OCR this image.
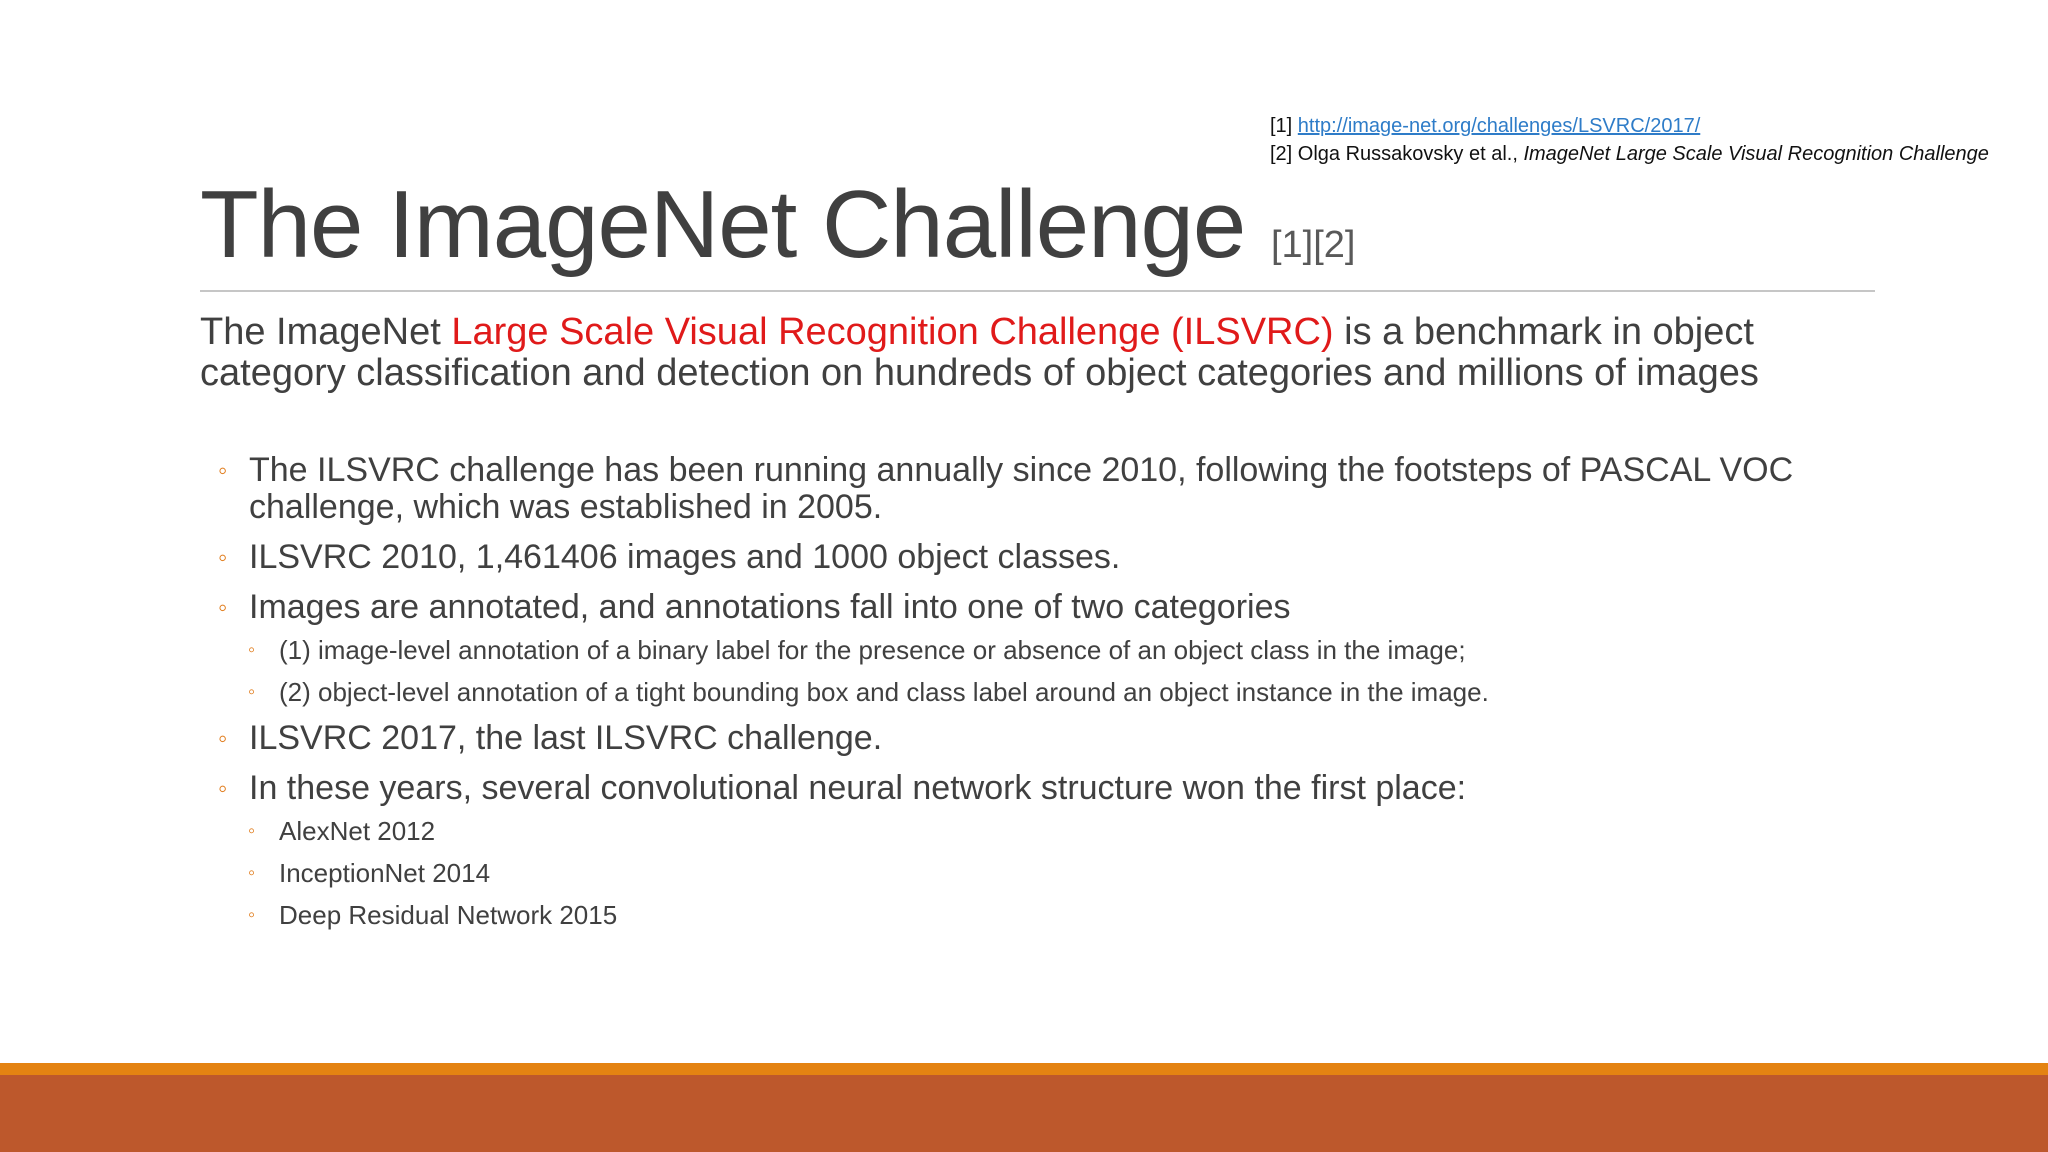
[1] http://image-net.org/challenges/LSVRC/2017/
[2] Olga Russakovsky et al., ImageNet Large Scale Visual Recognition Challenge
The ImageNet Challenge [1][2]
The ImageNet Large Scale Visual Recognition Challenge (ILSVRC) is a benchmark in object category classification and detection on hundreds of object categories and millions of images
◦ The ILSVRC challenge has been running annually since 2010, following the footsteps of PASCAL VOC challenge, which was established in 2005.
◦ ILSVRC 2010, 1,461406 images and 1000 object classes.
◦ Images are annotated, and annotations fall into one of two categories
◦ (1) image-level annotation of a binary label for the presence or absence of an object class in the image;
◦ (2) object-level annotation of a tight bounding box and class label around an object instance in the image.
◦ ILSVRC 2017, the last ILSVRC challenge.
◦ In these years, several convolutional neural network structure won the first place:
◦ AlexNet 2012
◦ InceptionNet 2014
◦ Deep Residual Network 2015
